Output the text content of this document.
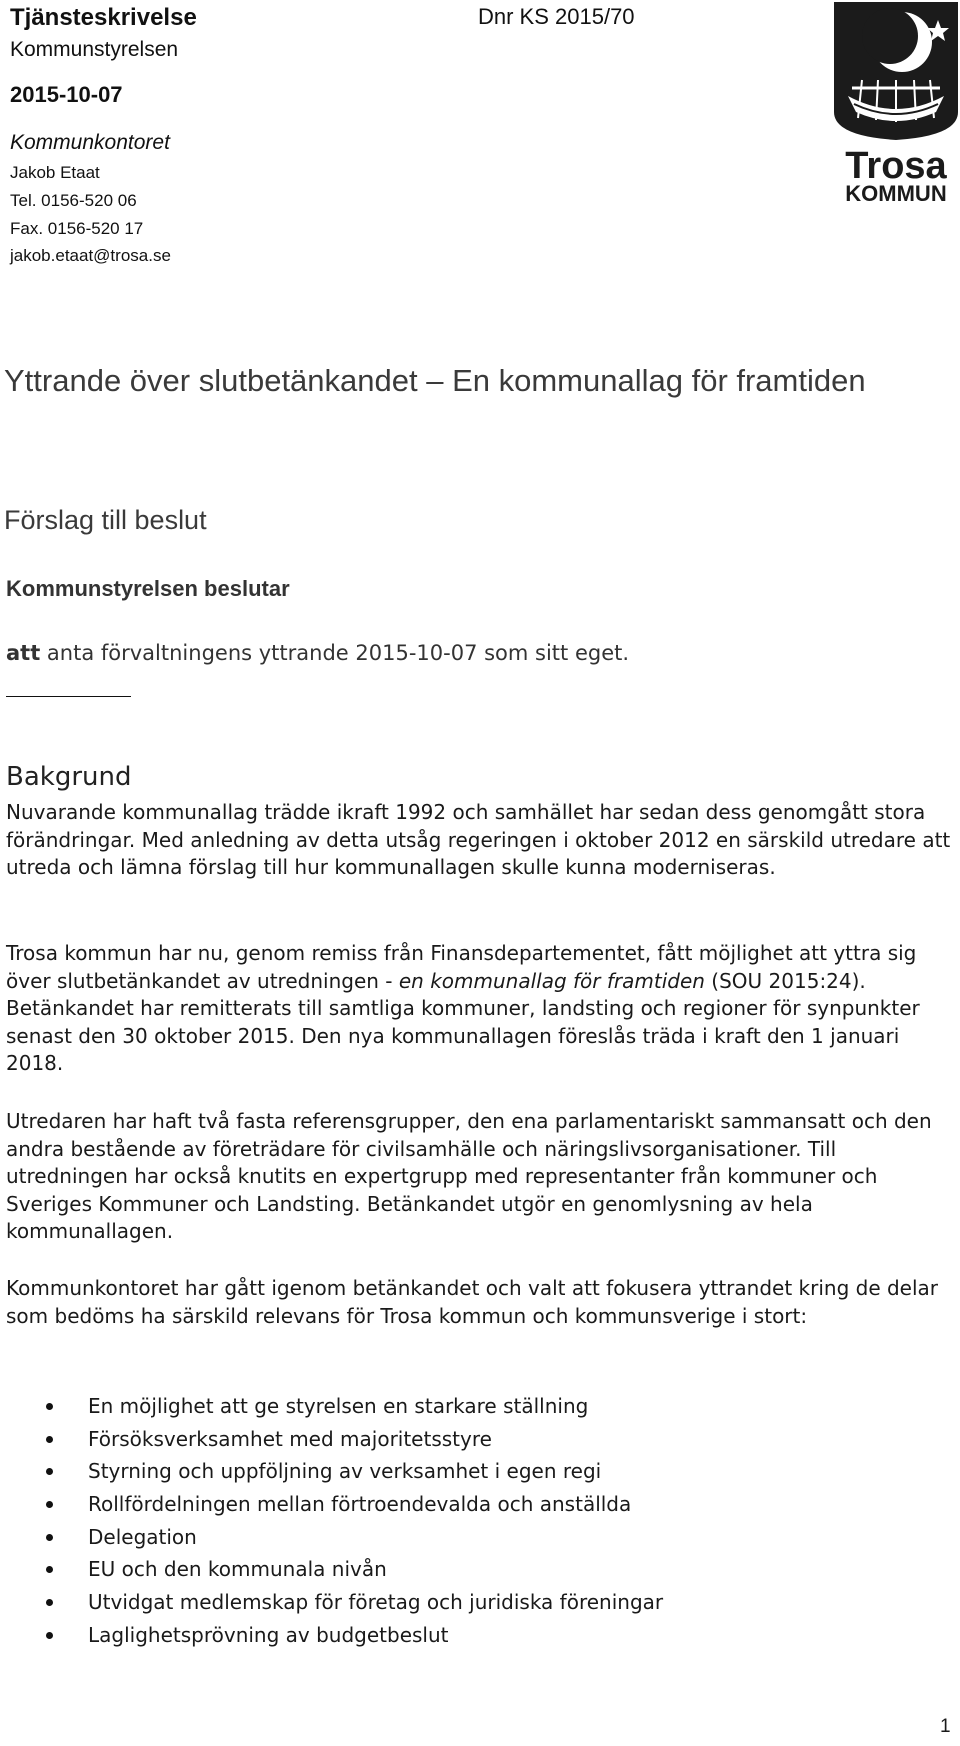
Tjänsteskrivelse
Kommunstyrelsen
2015-10-07
Kommunkontoret
Jakob Etaat
Tel. 0156-520 06
Fax. 0156-520 17
jakob.etaat@trosa.se
Dnr KS 2015/70
Trosa
KOMMUN
Yttrande över slutbetänkandet – En kommunallag för framtiden
Förslag till beslut
Kommunstyrelsen beslutar
att anta förvaltningens yttrande 2015-10-07 som sitt eget.
Bakgrund

Nuvarande kommunallag trädde ikraft 1992 och samhället har sedan dess genomgått stora förändringar. Med anledning av detta utsåg regeringen i oktober 2012 en särskild utredare att utreda och lämna förslag till hur kommunallagen skulle kunna moderniseras.

Trosa kommun har nu, genom remiss från Finansdepartementet, fått möjlighet att yttra sig över slutbetänkandet av utredningen - en kommunallag för framtiden (SOU 2015:24). Betänkandet har remitterats till samtliga kommuner, landsting och regioner för synpunkter senast den 30 oktober 2015. Den nya kommunallagen föreslås träda i kraft den 1 januari 2018.

Utredaren har haft två fasta referensgrupper, den ena parlamentariskt sammansatt och den andra bestående av företrädare för civilsamhälle och näringslivsorganisationer. Till utredningen har också knutits en expertgrupp med representanter från kommuner och Sveriges Kommuner och Landsting. Betänkandet utgör en genomlysning av hela kommunallagen.

Kommunkontoret har gått igenom betänkandet och valt att fokusera yttrandet kring de delar som bedöms ha särskild relevans för Trosa kommun och kommunsverige i stort:

En möjlighet att ge styrelsen en starkare ställning
Försöksverksamhet med majoritetsstyre
Styrning och uppföljning av verksamhet i egen regi
Rollfördelningen mellan förtroendevalda och anställda
Delegation
EU och den kommunala nivån
Utvidgat medlemskap för företag och juridiska föreningar
Laglighetsprövning av budgetbeslut
1
